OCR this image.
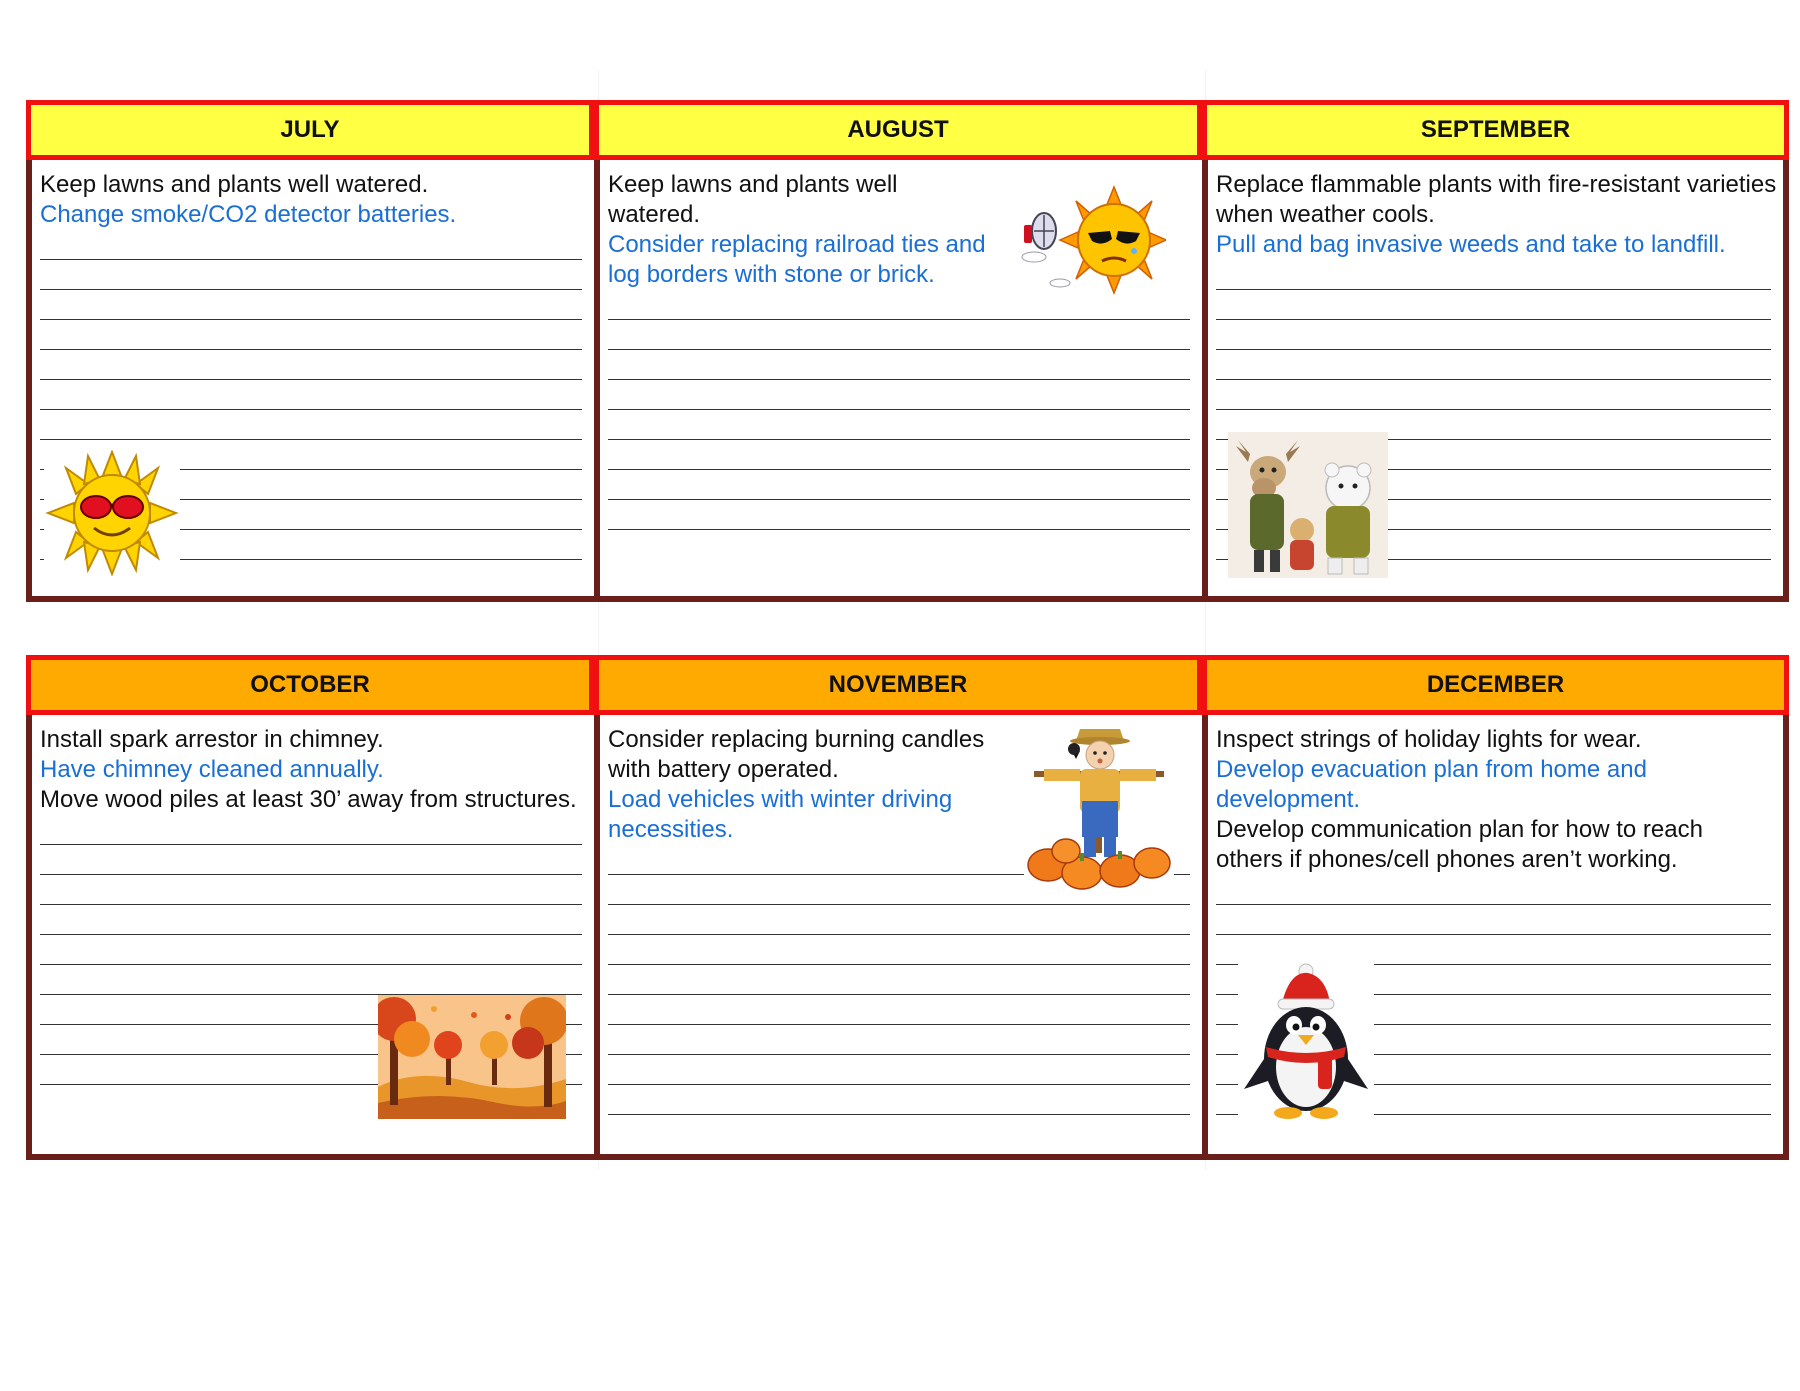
JULY

Keep lawns and plants well watered.

Change smoke/CO2 detector batteries.

AUGUST

Keep lawns and plants well watered.

Consider replacing railroad ties and log borders with stone or brick.

SEPTEMBER

Replace flammable plants with fire-resistant varieties when weather cools.

Pull and bag invasive weeds and take to landfill.

OCTOBER

Install spark arrestor in chimney.

Have chimney cleaned annually.

Move wood piles at least 30’ away from structures.

NOVEMBER

Consider replacing burning candles with battery operated.

Load vehicles with winter driving necessities.

DECEMBER

Inspect strings of holiday lights for wear.

Develop evacuation plan from home and development.

Develop communication plan for how to reach others if phones/cell phones aren’t working.
